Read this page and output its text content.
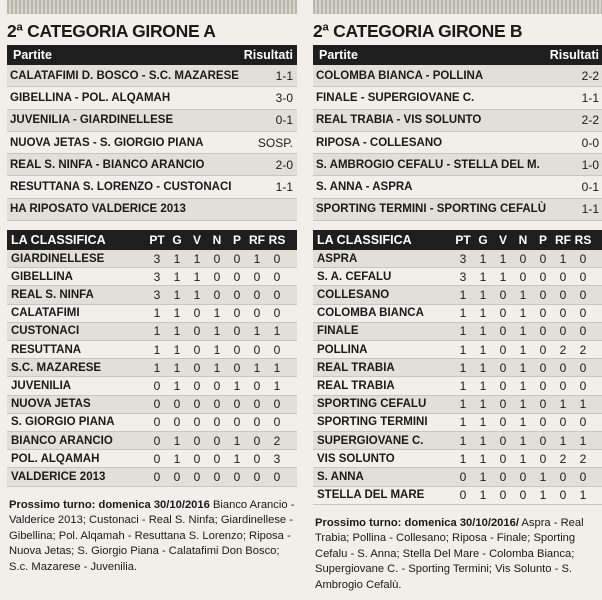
2ª CATEGORIA GIRONE A
Partite	Risultati
CALATAFIMI D. BOSCO - S.C. MAZARESE	1-1
GIBELLINA - POL. ALQAMAH	3-0
JUVENILIA - GIARDINELLESE	0-1
NUOVA JETAS - S. GIORGIO PIANA	SOSP.
REAL S. NINFA - BIANCO ARANCIO	2-0
RESUTTANA S. LORENZO - CUSTONACI	1-1
HA RIPOSATO VALDERICE 2013
LA CLASSIFICA	PT G V N P RF RS
GIARDINELLESE	3	1	1	0	0	1	0
GIBELLINA	3	1	1	0	0	0	0
REAL S. NINFA	3	1	1	0	0	0	0
CALATAFIMI	1	1	0	1	0	0	0
CUSTONACI	1	1	0	1	0	1	1
RESUTTANA	1	1	0	1	0	0	0
S.C. MAZARESE	1	1	0	1	0	1	1
JUVENILIA	0	1	0	0	1	0	1
NUOVA JETAS	0	0	0	0	0	0	0
S. GIORGIO PIANA	0	0	0	0	0	0	0
BIANCO ARANCIO	0	1	0	0	1	0	2
POL. ALQAMAH	0	1	0	0	1	0	3
VALDERICE 2013	0	0	0	0	0	0	0
Prossimo turno: domenica 30/10/2016 Bianco Arancio - Valderice 2013; Custonaci - Real S. Ninfa; Giardinellese - Gibellina; Pol. Alqamah - Resuttana S. Lorenzo; Riposa - Nuova Jetas; S. Giorgio Piana - Calatafimi Don Bosco; S.c. Mazarese - Juvenilia.
2ª CATEGORIA GIRONE B
Partite	Risultati
COLOMBA BIANCA - POLLINA	2-2
FINALE - SUPERGIOVANE C.	1-1
REAL TRABIA - VIS SOLUNTO	2-2
RIPOSA - COLLESANO	0-0
S. AMBROGIO CEFALU - STELLA DEL M.	1-0
S. ANNA - ASPRA	0-1
SPORTING TERMINI - SPORTING CEFALÙ	1-1
LA CLASSIFICA	PT G V N P RF RS
ASPRA	3	1	1	0	0	1	0
S. A. CEFALÙ	3	1	1	0	0	0	0
COLLESANO	1	1	0	1	0	0	0
COLOMBA BIANCA	1	1	0	1	0	0	0
FINALE	1	1	0	1	0	0	0
POLLINA	1	1	0	1	0	2	2
REAL TRABIA	1	1	0	1	0	0	0
REAL TRABIA	1	1	0	1	0	0	0
SPORTING CEFALU	1	1	0	1	0	1	1
SPORTING TERMINI	1	1	0	1	0	0	0
SUPERGIOVANE C.	1	1	0	1	0	1	1
VIS SOLUNTO	1	1	0	1	0	2	2
S. ANNA	0	1	0	0	1	0	0
STELLA DEL MARE	0	1	0	0	1	0	1
Prossimo turno: domenica 30/10/2016/ Aspra - Real Trabia; Pollina - Collesano; Riposa - Finale; Sporting Cefalu - S. Anna; Stella Del Mare - Colomba Bianca; Supergiovane C. - Sporting Termini; Vis Solunto - S. Ambrogio Cefalù.
